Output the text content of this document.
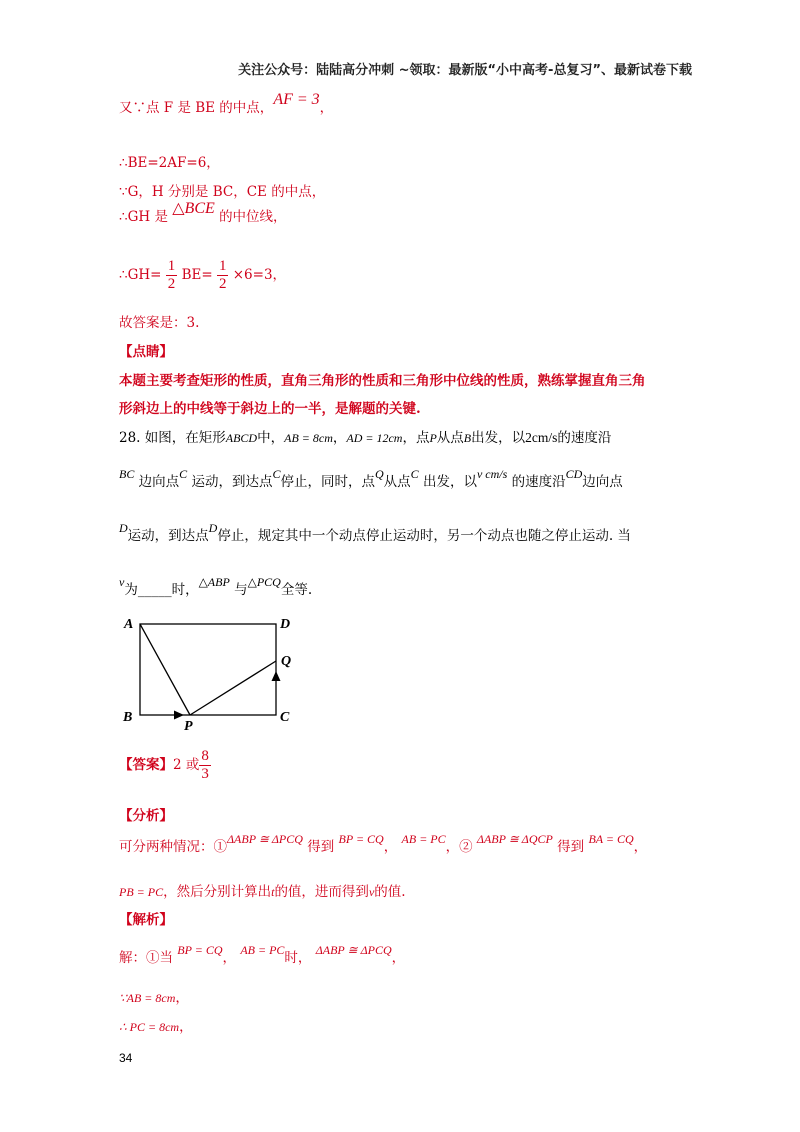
关注公众号：陆陆高分冲刺 ~领取：最新版“小中高考-总复习”、最新试卷下载
又∵点 F 是 BE 的中点，AF = 3，
∴BE=2AF=6，
∵G，H 分别是 BC，CE 的中点，
∴GH 是 △BCE 的中位线，
∴GH= $\frac{1}{2} BE= \frac{1}{2} \times 6=3$，
故答案是：3.
【点睛】
本题主要考查矩形的性质，直角三角形的性质和三角形中位线的性质，熟练掌握直角三角
形斜边上的中线等于斜边上的一半，是解题的关键.
28. 如图，在矩形ABCD中，AB = 8cm，AD = 12cm，点P从点B出发，以2cm/s的速度沿
BC 边向点C 运动，到达点C停止，同时，点Q从点C 出发，以v cm/s 的速度沿CD边向点
D运动，到达点D停止，规定其中一个动点停止运动时，另一个动点也随之停止运动. 当
v为_____时，△ABP 与△PCQ全等.
A	D
Q
B	C
P
【答案】2 或 $\frac{8}{3}$
【分析】
可分两种情况：①ΔABP ≅ ΔPCQ 得到 BP = CQ， AB = PC，② ΔABP ≅ ΔQCP 得到 BA = CQ，
PB = PC，然后分别计算出t的值，进而得到v的值.
【解析】
解：①当 BP = CQ， AB = PC时， ΔABP ≅ ΔPCQ，
∵AB = 8cm，
∴ PC = 8cm，
34
